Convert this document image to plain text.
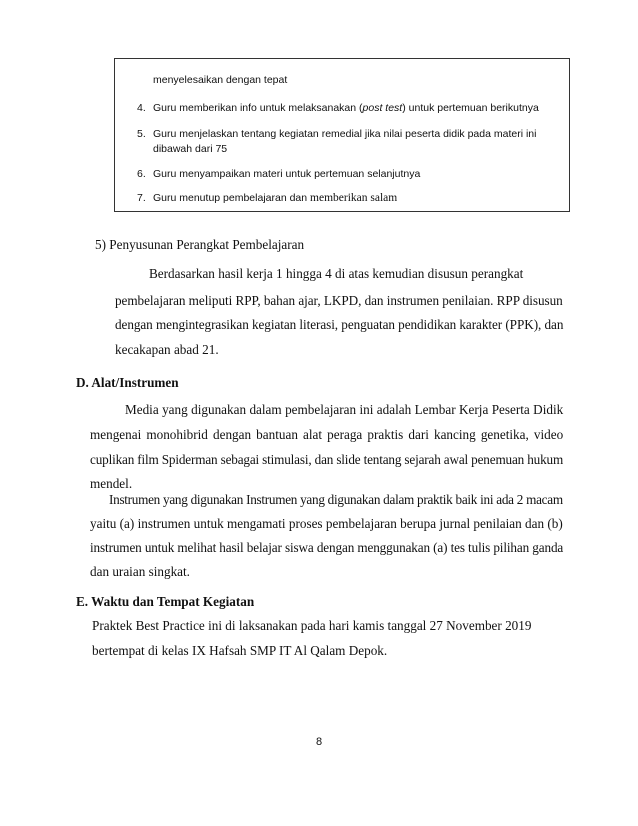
menyelesaikan dengan tepat
4. Guru memberikan info untuk melaksanakan (post test) untuk pertemuan berikutnya
5. Guru menjelaskan tentang kegiatan remedial jika nilai peserta didik pada materi ini
dibawah dari 75
6. Guru menyampaikan materi untuk pertemuan selanjutnya
7. Guru menutup pembelajaran dan memberikan salam
5) Penyusunan Perangkat Pembelajaran
Berdasarkan hasil kerja 1 hingga 4 di atas kemudian disusun perangkat
pembelajaran meliputi RPP, bahan ajar, LKPD, dan instrumen penilaian. RPP disusun
dengan mengintegrasikan kegiatan literasi, penguatan pendidikan karakter (PPK), dan
kecakapan abad 21.
D. Alat/Instrumen
Media yang digunakan dalam pembelajaran ini adalah Lembar Kerja Peserta Didik
mengenai monohibrid dengan bantuan alat peraga praktis dari kancing genetika, video
cuplikan film Spiderman sebagai stimulasi, dan slide tentang sejarah awal penemuan hukum
mendel.
Instrumen yang digunakan Instrumen yang digunakan dalam praktik baik ini ada 2 macam
yaitu (a) instrumen untuk mengamati proses pembelajaran berupa jurnal penilaian dan (b)
instrumen untuk melihat hasil belajar siswa dengan menggunakan (a) tes tulis pilihan ganda
dan uraian singkat.
E. Waktu dan Tempat Kegiatan
Praktek Best Practice ini di laksanakan pada hari kamis tanggal 27 November 2019
bertempat di kelas IX Hafsah SMP IT Al Qalam Depok.
8
